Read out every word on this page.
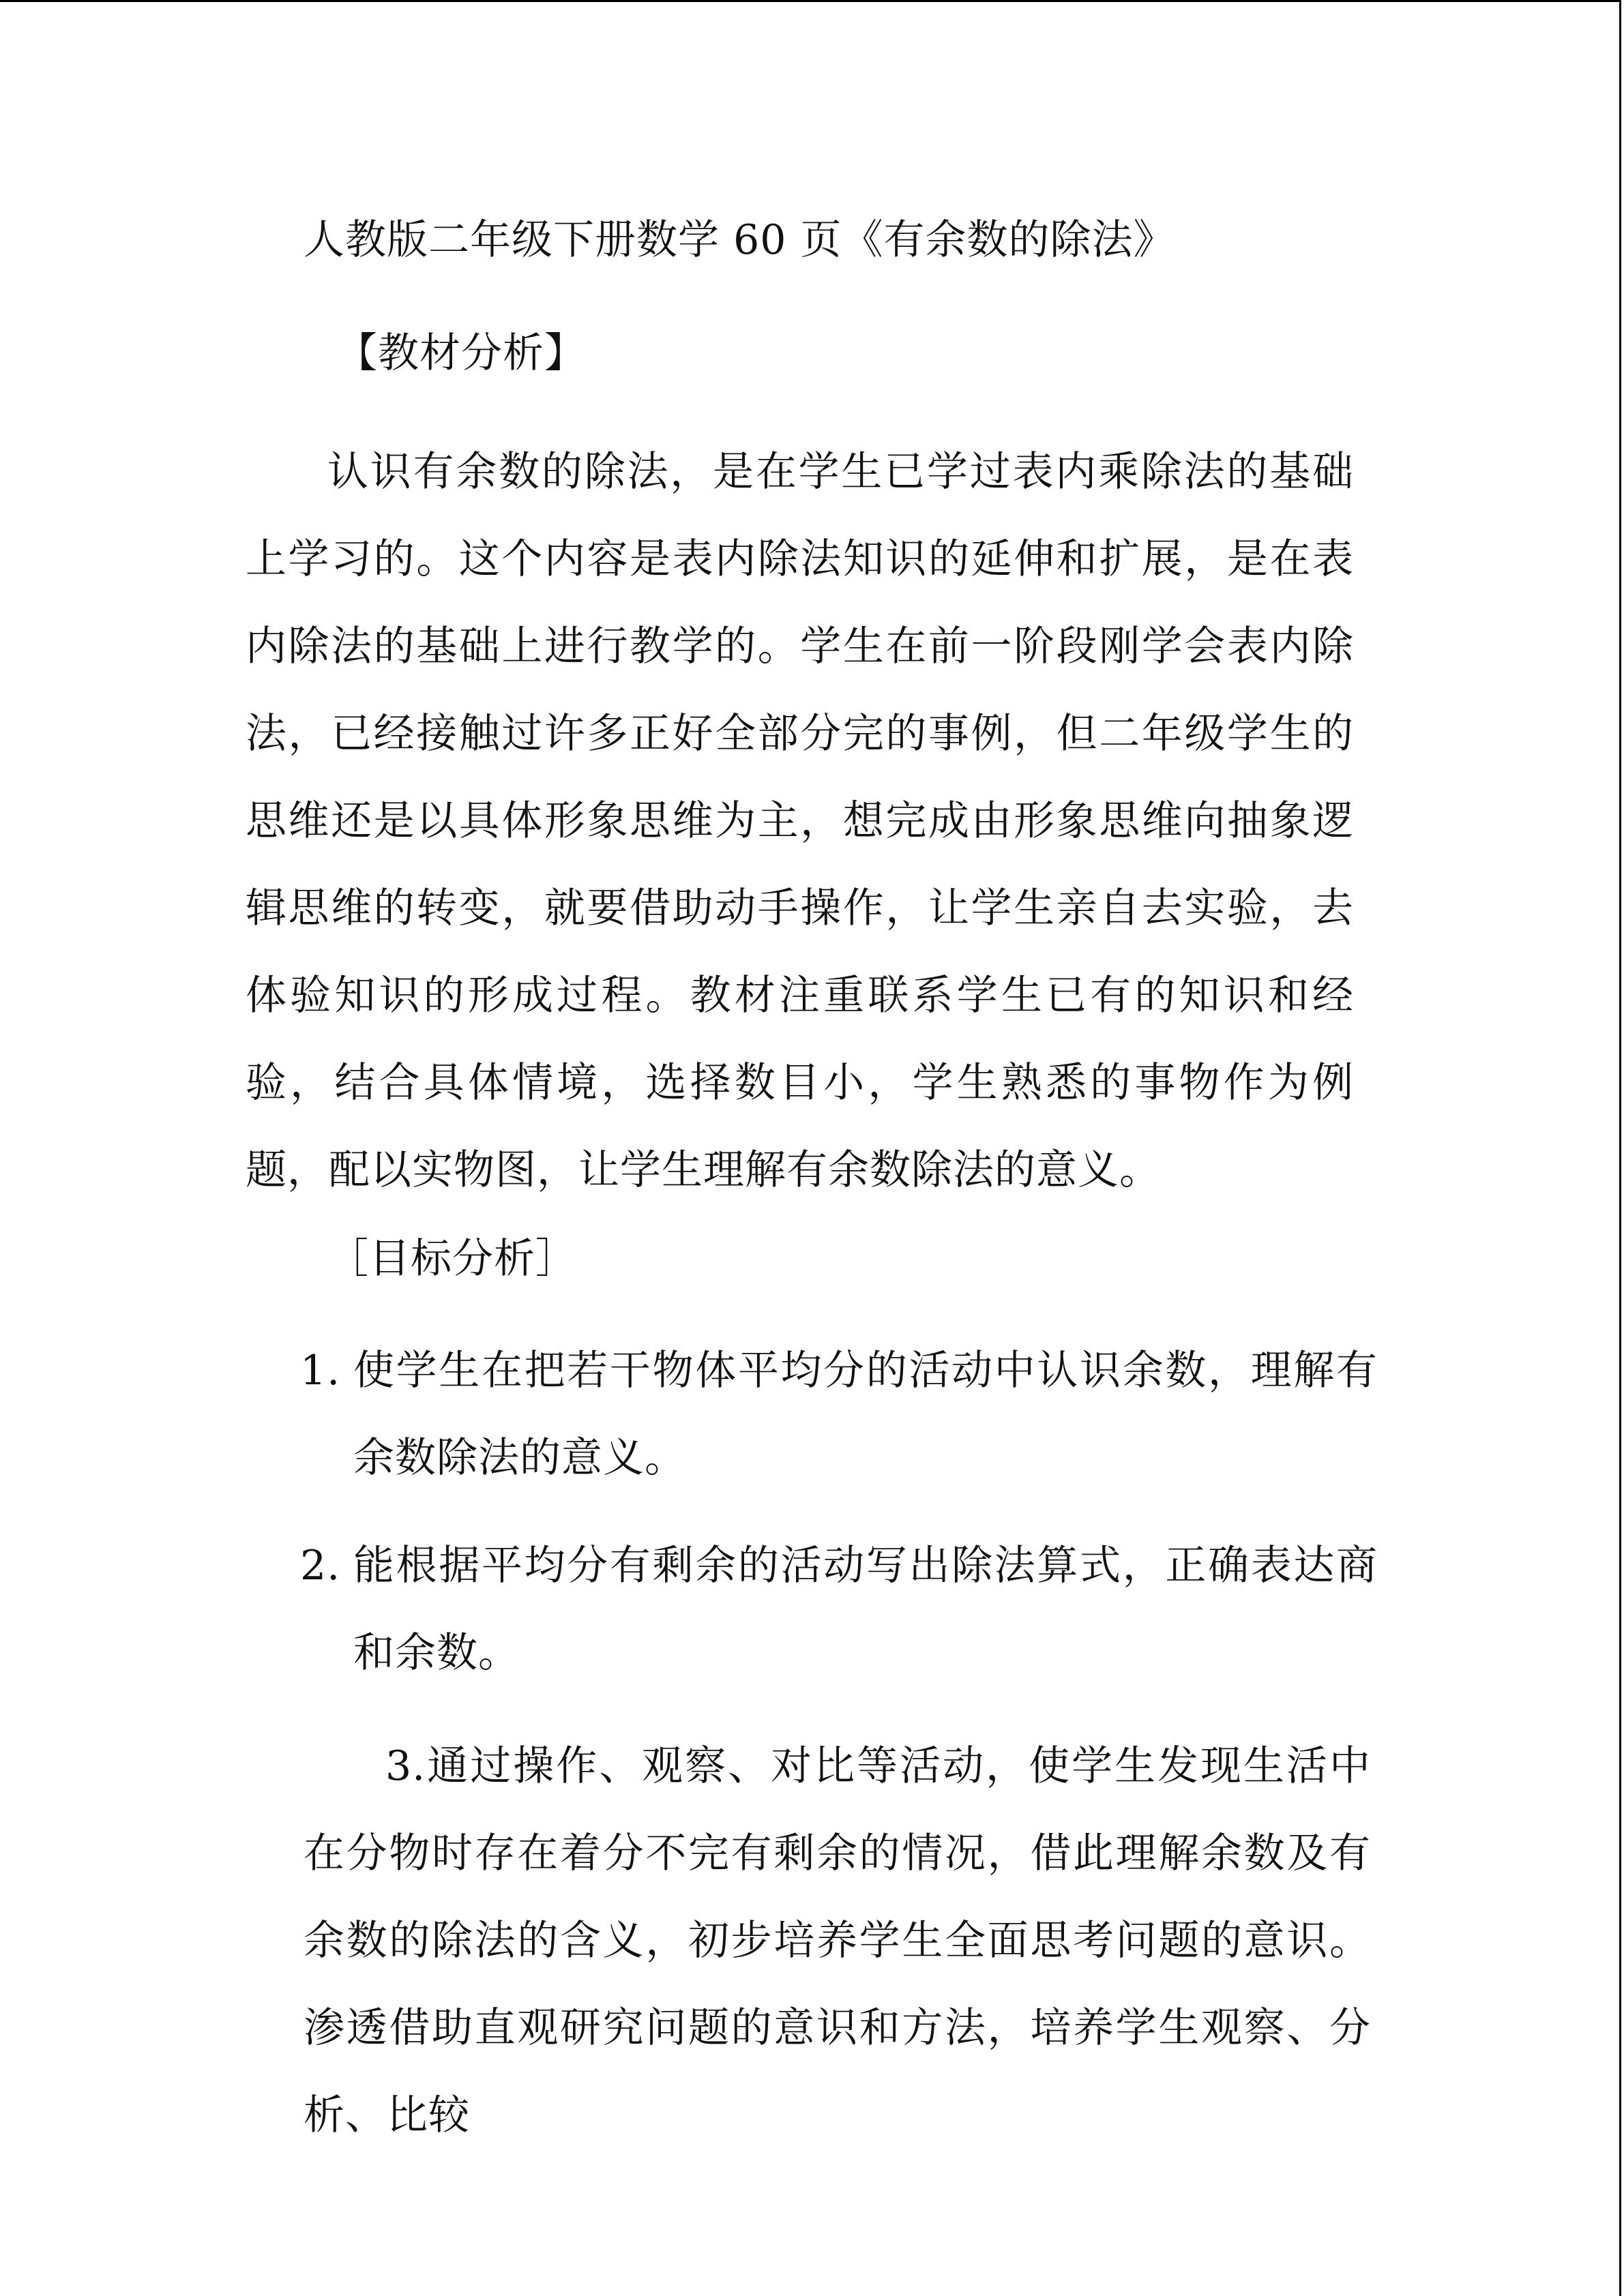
人教版二年级下册数学 60 页《有余数的除法》
【教材分析】
认识有余数的除法，是在学生已学过表内乘除法的基础上学习的。这个内容是表内除法知识的延伸和扩展，是在表内除法的基础上进行教学的。学生在前一阶段刚学会表内除法，已经接触过许多正好全部分完的事例，但二年级学生的思维还是以具体形象思维为主，想完成由形象思维向抽象逻辑思维的转变，就要借助动手操作，让学生亲自去实验，去体验知识的形成过程。教材注重联系学生已有的知识和经验，结合具体情境，选择数目小，学生熟悉的事物作为例题，配以实物图，让学生理解有余数除法的意义。
［目标分析］
1. 使学生在把若干物体平均分的活动中认识余数，理解有余数除法的意义。
2. 能根据平均分有剩余的活动写出除法算式，正确表达商和余数。
3.通过操作、观察、对比等活动，使学生发现生活中在分物时存在着分不完有剩余的情况，借此理解余数及有余数的除法的含义，初步培养学生全面思考问题的意识。渗透借助直观研究问题的意识和方法，培养学生观察、分析、比较
